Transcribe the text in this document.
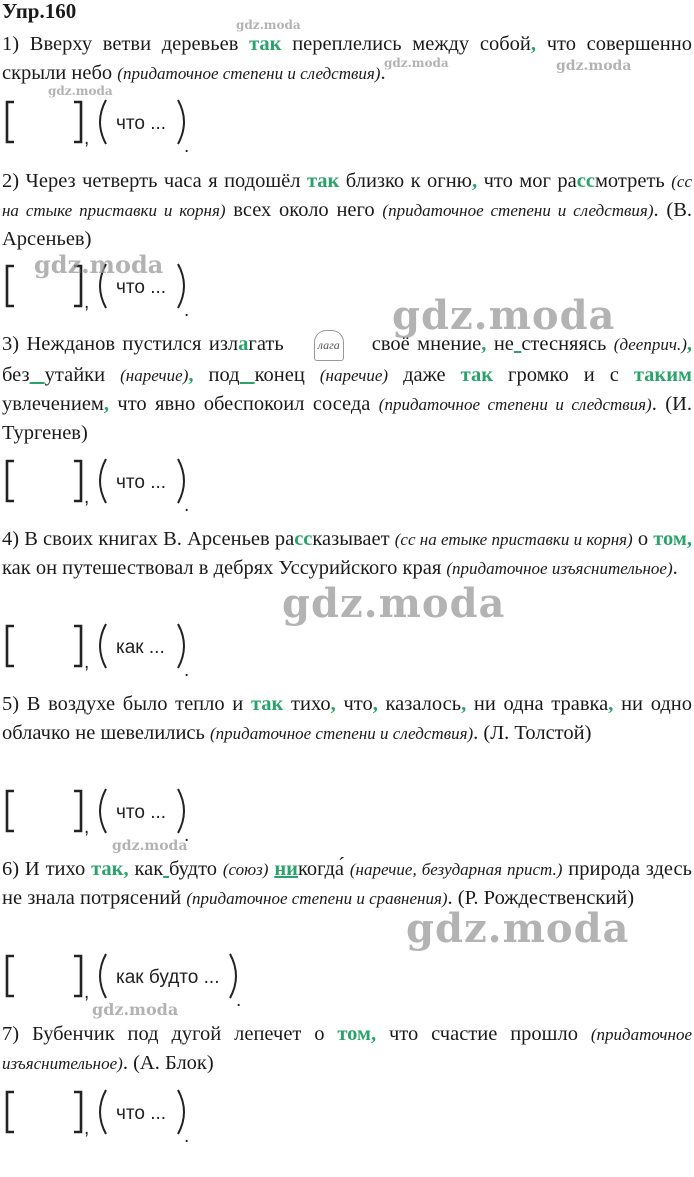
Упр.160
1) Вверху ветви деревьев так переплелись между собой, что совершенно скрыли небо (придаточное степени и следствия).
,
что ...
.
2) Через четверть часа я подошёл так близко к огню, что мог рассмотреть (сс на стыке приставки и корня) всех около него (придаточное степени и следствия). (В. Арсеньев)
,
что ...
.
3) Нежданов пустился излагать	лага своё мнение, не стесняясь (дееприч.), без утайки (наречие), под конец (наречие) даже так громко и с таким увлечением, что явно обеспокоил соседа (придаточное степени и следствия). (И. Тургенев)
,
что ...
.
4) В своих книгах В. Арсеньев рассказывает (сс на етыке приставки и корня) о том, как он путешествовал в дебрях Уссурийского края (придаточное изъяснительное).
,
как ...
.
5) В воздухе было тепло и так тихо, что, казалось, ни одна травка, ни одно облачко не шевелились (придаточное степени и следствия). (Л. Толстой)
,
что ...
.
6) И тихо так, как будто (союз) никогда́ (наречие, безударная прист.) природа здесь не знала потрясений (придаточное степени и сравнения). (Р. Рождественский)
,
как будто ...
.
7) Бубенчик под дугой лепечет о том, что счастие прошло (придаточное изъяснительное). (А. Блок)
,
что ...
.
gdz.moda
gdz.moda	gdz.moda
gdz.moda
gdz.moda
gdz.moda
gdz.moda
gdz.moda
gdz.moda
gdz.moda
